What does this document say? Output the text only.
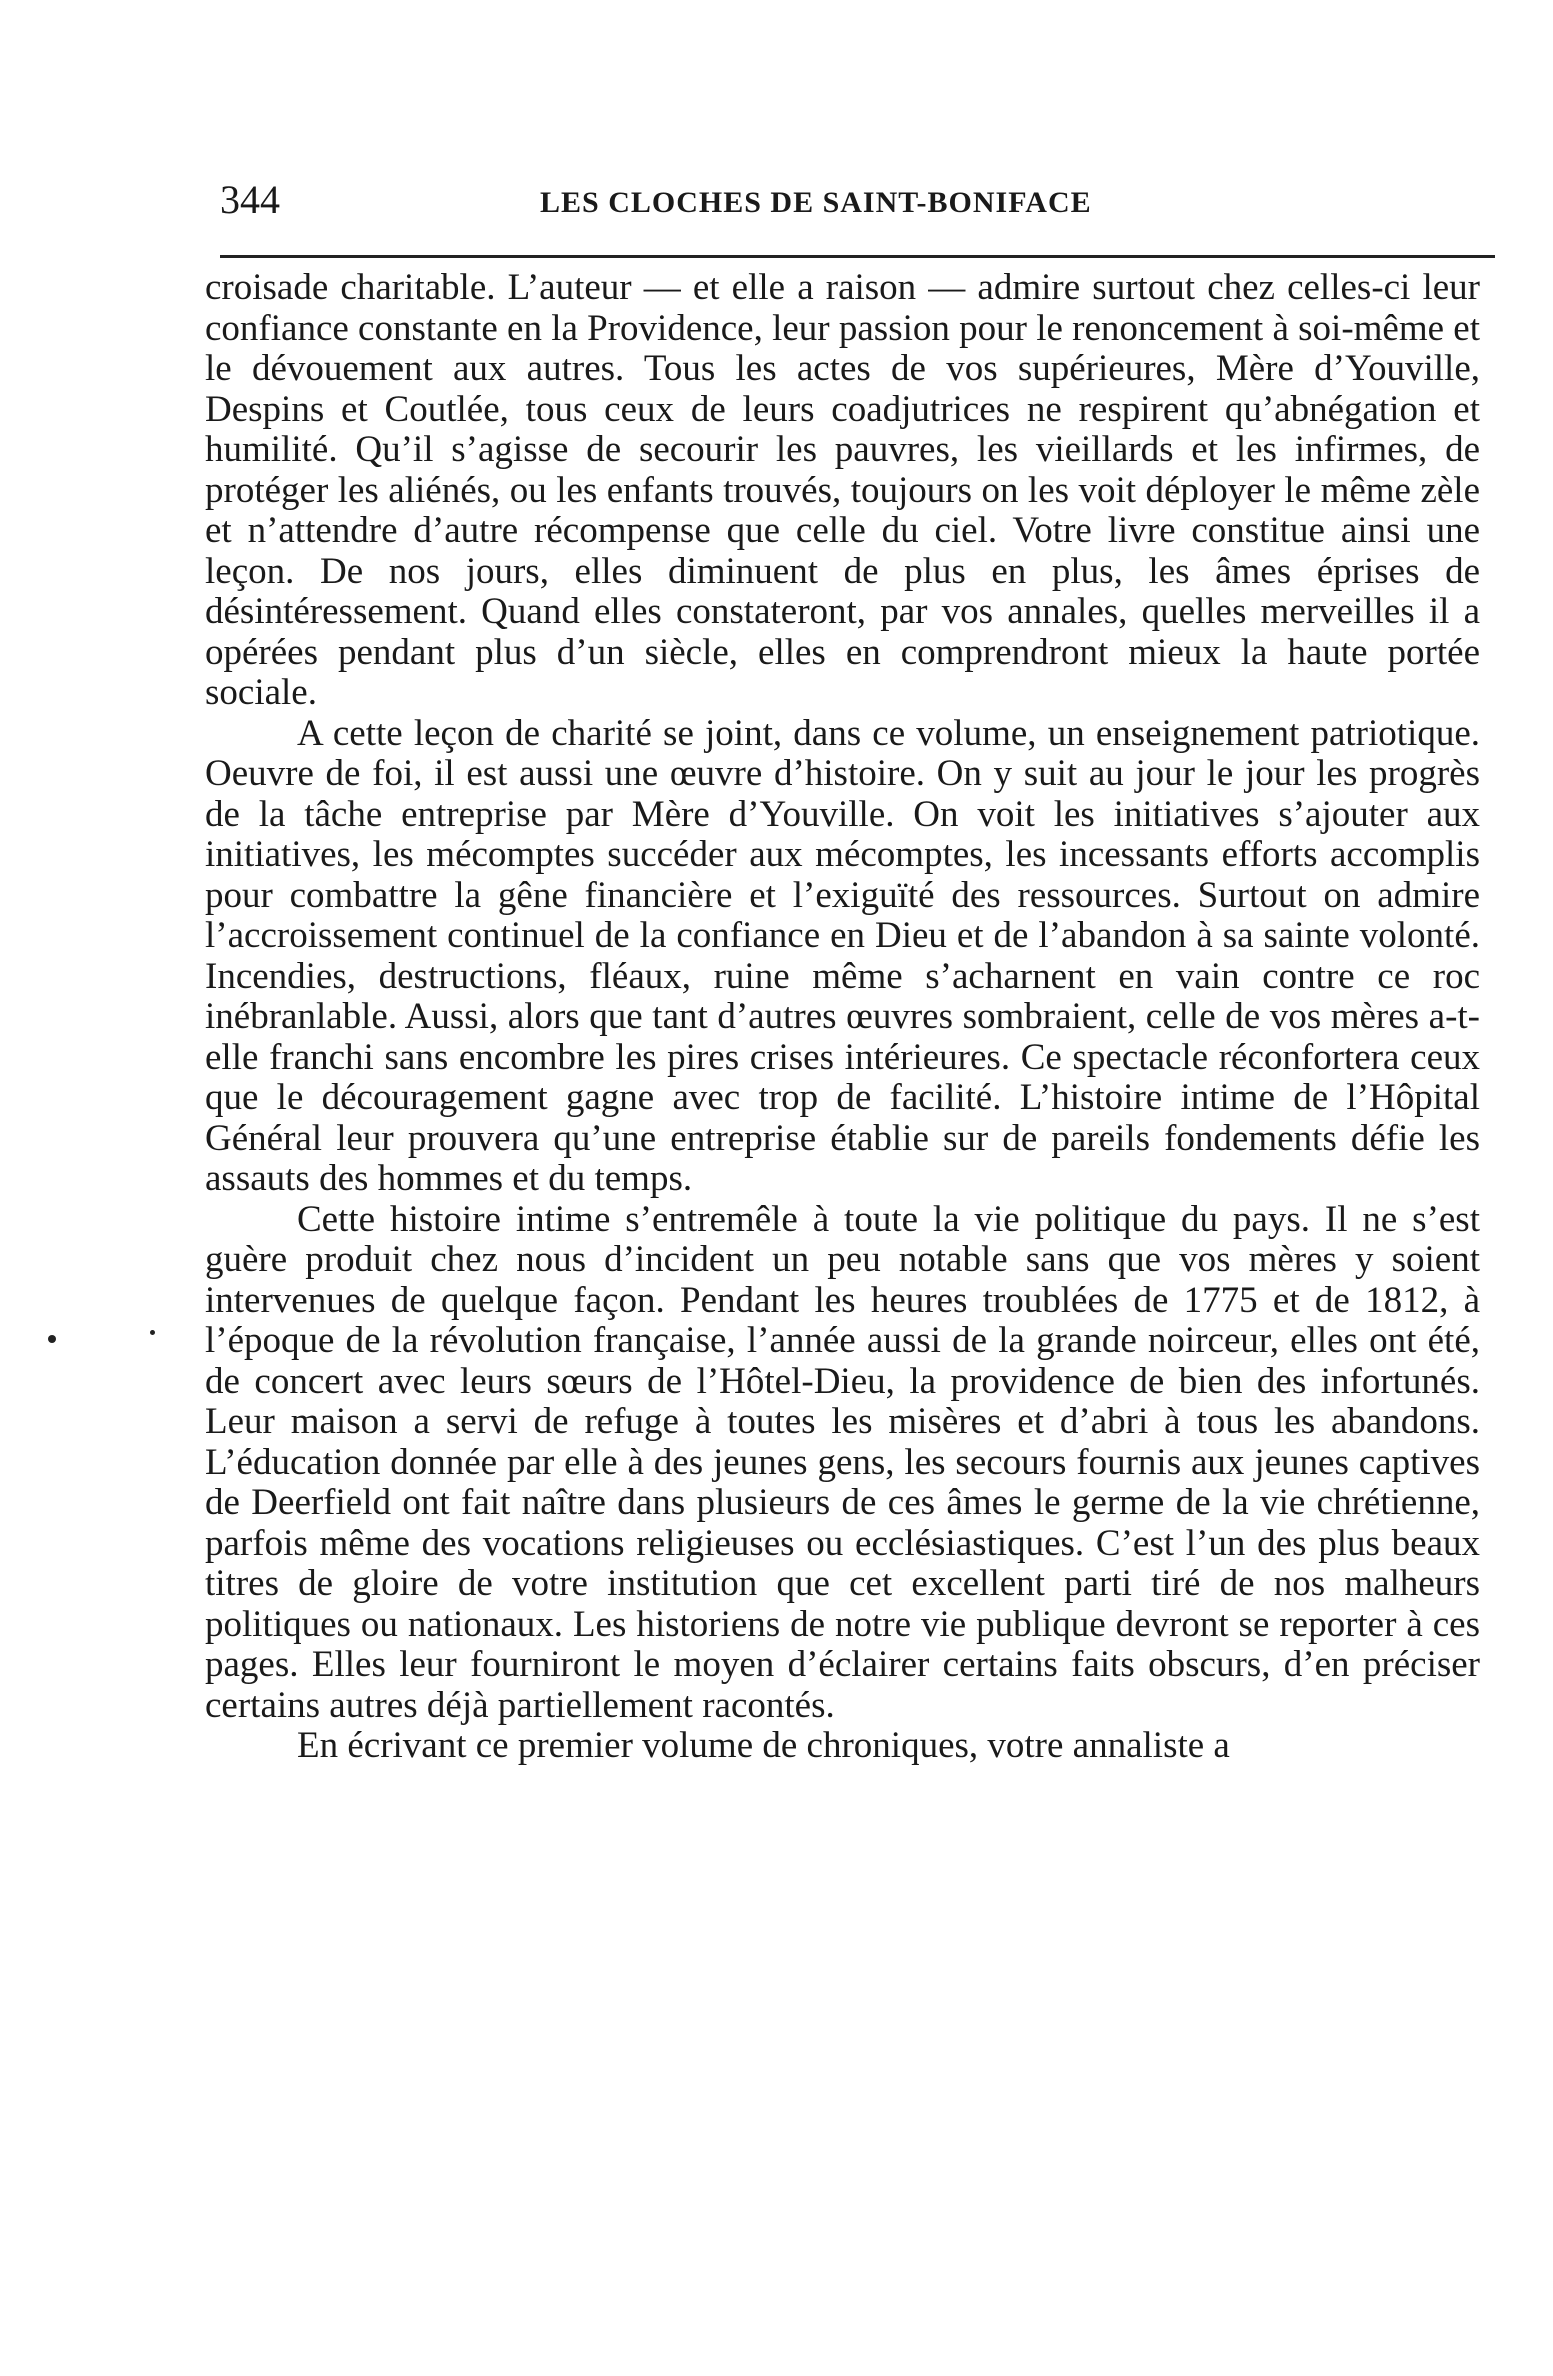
344	LES CLOCHES DE SAINT-BONIFACE

croisade charitable. L’auteur — et elle a raison — admire surtout chez celles-ci leur confiance constante en la Providence, leur passion pour le renoncement à soi-même et le dévouement aux autres. Tous les actes de vos supérieures, Mère d’Youville, Despins et Coutlée, tous ceux de leurs coadjutrices ne respirent qu’abnégation et humilité. Qu’il s’agisse de secourir les pauvres, les vieillards et les infirmes, de protéger les aliénés, ou les enfants trouvés, toujours on les voit déployer le même zèle et n’attendre d’autre récompense que celle du ciel. Votre livre constitue ainsi une leçon. De nos jours, elles diminuent de plus en plus, les âmes éprises de désintéressement. Quand elles constateront, par vos annales, quelles merveilles il a opérées pendant plus d’un siècle, elles en comprendront mieux la haute portée sociale.

A cette leçon de charité se joint, dans ce volume, un enseignement patriotique. Oeuvre de foi, il est aussi une œuvre d’histoire. On y suit au jour le jour les progrès de la tâche entreprise par Mère d’Youville. On voit les initiatives s’ajouter aux initiatives, les mécomptes succéder aux mécomptes, les incessants efforts accomplis pour combattre la gêne financière et l’exiguïté des ressources. Surtout on admire l’accroissement continuel de la confiance en Dieu et de l’abandon à sa sainte volonté. Incendies, destructions, fléaux, ruine même s’acharnent en vain contre ce roc inébranlable. Aussi, alors que tant d’autres œuvres sombraient, celle de vos mères a-t-elle franchi sans encombre les pires crises intérieures. Ce spectacle réconfortera ceux que le découragement gagne avec trop de facilité. L’histoire intime de l’Hôpital Général leur prouvera qu’une entreprise établie sur de pareils fondements défie les assauts des hommes et du temps.

Cette histoire intime s’entremêle à toute la vie politique du pays. Il ne s’est guère produit chez nous d’incident un peu notable sans que vos mères y soient intervenues de quelque façon. Pendant les heures troublées de 1775 et de 1812, à l’époque de la révolution française, l’année aussi de la grande noirceur, elles ont été, de concert avec leurs sœurs de l’Hôtel-Dieu, la providence de bien des infortunés. Leur maison a servi de refuge à toutes les misères et d’abri à tous les abandons. L’éducation donnée par elle à des jeunes gens, les secours fournis aux jeunes captives de Deerfield ont fait naître dans plusieurs de ces âmes le germe de la vie chrétienne, parfois même des vocations religieuses ou ecclésiastiques. C’est l’un des plus beaux titres de gloire de votre institution que cet excellent parti tiré de nos malheurs politiques ou nationaux. Les historiens de notre vie publique devront se reporter à ces pages. Elles leur fourniront le moyen d’éclairer certains faits obscurs, d’en préciser certains autres déjà partiellement racontés.

En écrivant ce premier volume de chroniques, votre annaliste a
